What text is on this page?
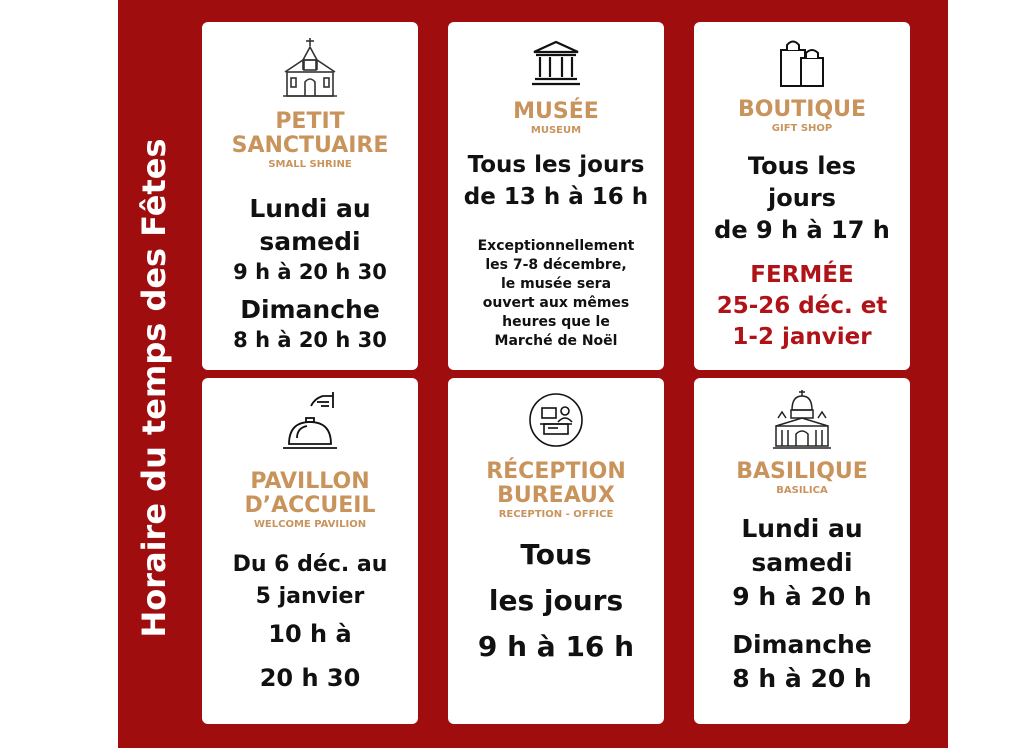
Horaire du temps des Fêtes
PETIT
SANCTUAIRE
SMALL SHRINE
Lundi au
samedi
9 h à 20 h 30
Dimanche
8 h à 20 h 30
MUSÉE
MUSEUM
Tous les jours
de 13 h à 16 h
Exceptionnellement
les 7-8 décembre,
le musée sera
ouvert aux mêmes
heures que le
Marché de Noël
BOUTIQUE
GIFT SHOP
Tous les
jours
de 9 h à 17 h
FERMÉE
25-26 déc. et
1-2 janvier
PAVILLON
D’ACCUEIL
WELCOME PAVILION
Du 6 déc. au
5 janvier
10 h à
20 h 30
RÉCEPTION
BUREAUX
RECEPTION - OFFICE
Tous
les jours
9 h à 16 h
BASILIQUE
BASILICA
Lundi au
samedi
9 h à 20 h
Dimanche
8 h à 20 h
